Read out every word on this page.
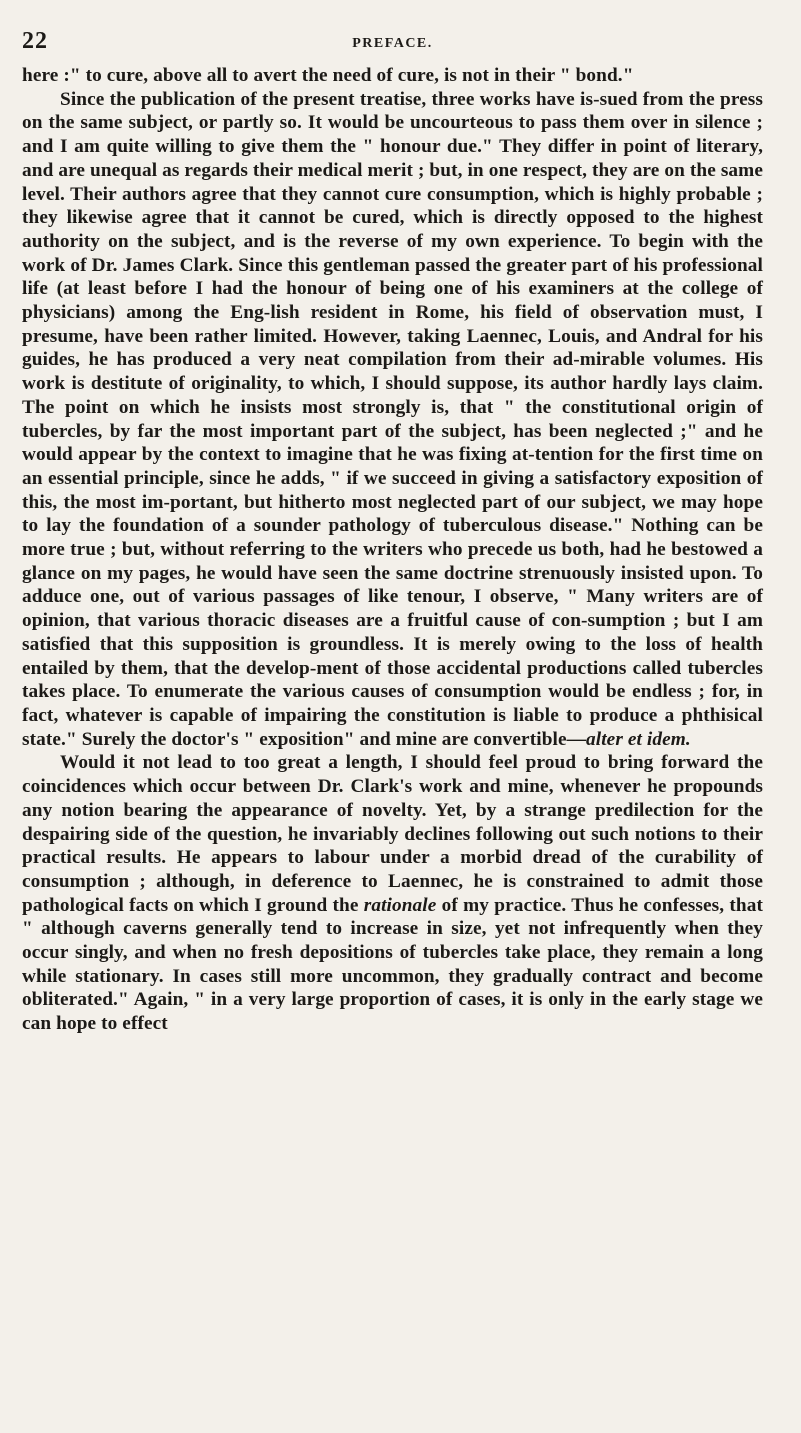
22	PREFACE.

here :" to cure, above all to avert the need of cure, is not in their " bond."

Since the publication of the present treatise, three works have is-sued from the press on the same subject, or partly so. It would be uncourteous to pass them over in silence ; and I am quite willing to give them the " honour due." They differ in point of literary, and are unequal as regards their medical merit ; but, in one respect, they are on the same level. Their authors agree that they cannot cure consumption, which is highly probable ; they likewise agree that it cannot be cured, which is directly opposed to the highest authority on the subject, and is the reverse of my own experience. To begin with the work of Dr. James Clark. Since this gentleman passed the greater part of his professional life (at least before I had the honour of being one of his examiners at the college of physicians) among the Eng-lish resident in Rome, his field of observation must, I presume, have been rather limited. However, taking Laennec, Louis, and Andral for his guides, he has produced a very neat compilation from their ad-mirable volumes. His work is destitute of originality, to which, I should suppose, its author hardly lays claim. The point on which he insists most strongly is, that " the constitutional origin of tubercles, by far the most important part of the subject, has been neglected ;" and he would appear by the context to imagine that he was fixing at-tention for the first time on an essential principle, since he adds, " if we succeed in giving a satisfactory exposition of this, the most im-portant, but hitherto most neglected part of our subject, we may hope to lay the foundation of a sounder pathology of tuberculous disease." Nothing can be more true ; but, without referring to the writers who precede us both, had he bestowed a glance on my pages, he would have seen the same doctrine strenuously insisted upon. To adduce one, out of various passages of like tenour, I observe, " Many writers are of opinion, that various thoracic diseases are a fruitful cause of con-sumption ; but I am satisfied that this supposition is groundless. It is merely owing to the loss of health entailed by them, that the develop-ment of those accidental productions called tubercles takes place. To enumerate the various causes of consumption would be endless ; for, in fact, whatever is capable of impairing the constitution is liable to produce a phthisical state." Surely the doctor's " exposition" and mine are convertible—alter et idem.

Would it not lead to too great a length, I should feel proud to bring forward the coincidences which occur between Dr. Clark's work and mine, whenever he propounds any notion bearing the appearance of novelty. Yet, by a strange predilection for the despairing side of the question, he invariably declines following out such notions to their practical results. He appears to labour under a morbid dread of the curability of consumption ; although, in deference to Laennec, he is constrained to admit those pathological facts on which I ground the rationale of my practice. Thus he confesses, that " although caverns generally tend to increase in size, yet not infrequently when they occur singly, and when no fresh depositions of tubercles take place, they remain a long while stationary. In cases still more uncommon, they gradually contract and become obliterated." Again, " in a very large proportion of cases, it is only in the early stage we can hope to effect
